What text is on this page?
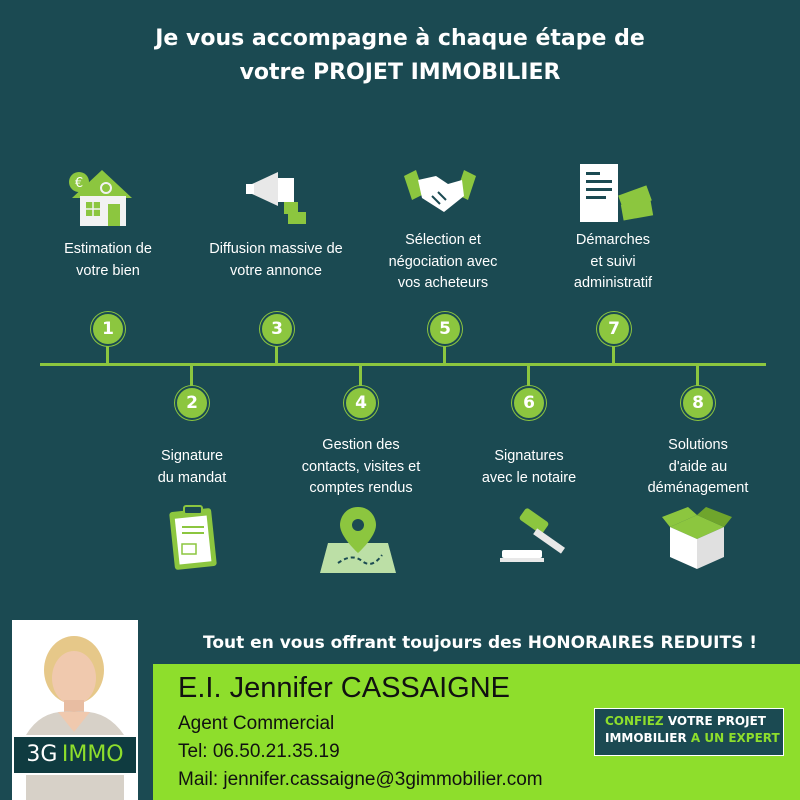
Je vous accompagne à chaque étape de
votre PROJET IMMOBILIER
€
Estimation de
votre bien
Diffusion massive de
votre annonce
Sélection et
négociation avec
vos acheteurs
Démarches
et suivi
administratif
1	3	5	7
2	4	6	8
Signature
du mandat
Gestion des
contacts, visites et
comptes rendus
Signatures
avec le notaire
Solutions
d'aide au
déménagement
Tout en vous offrant toujours des HONORAIRES REDUITS !
3G IMMO
E.I. Jennifer CASSAIGNE
Agent Commercial
Tel: 06.50.21.35.19
Mail: jennifer.cassaigne@3gimmobilier.com
CONFIEZ VOTRE PROJET
IMMOBILIER A UN EXPERT
